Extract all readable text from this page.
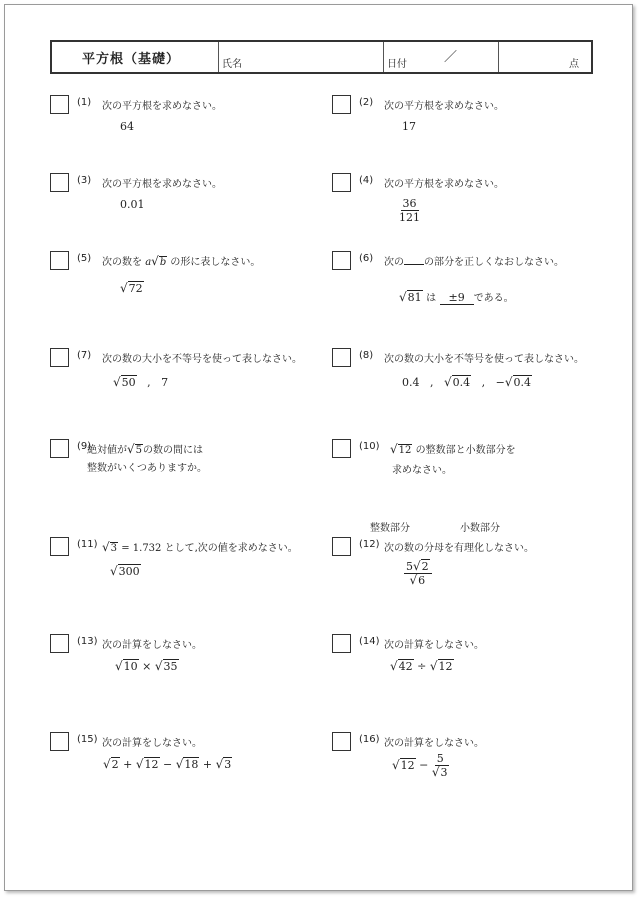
平方根（基礎）	氏名	日付	／	点
(1) 次の平方根を求めなさい。
64
(2) 次の平方根を求めなさい。
17
(3) 次の平方根を求めなさい。
0.01
(4) 次の平方根を求めなさい。
$\frac{36}{121}$
(5) 次の数を a√b の形に表しなさい。
√72
(6) 次の の部分を正しくなおしなさい。
√81 は ±9 である。
(7) 次の数の大小を不等号を使って表しなさい。
√50 , 7
(8) 次の数の大小を不等号を使って表しなさい。
0.4 , √0.4 , −√0.4
(9)
絶対値が√5の数の間には
整数がいくつありますか。
(10) √12 の整数部と小数部分を
求めなさい。
整数部分	小数部分
(11) √3 = 1.732 として,次の値を求めなさい。
√300
(12) 次の数の分母を有理化しなさい。
$\frac{5√2}{√6}$
(13) 次の計算をしなさい。
√10 × √35
(14) 次の計算をしなさい。
√42 ÷ √12
(15) 次の計算をしなさい。
√2 + √12 − √18 + √3
(16) 次の計算をしなさい。
$√12 - \frac{5}{√3}$
